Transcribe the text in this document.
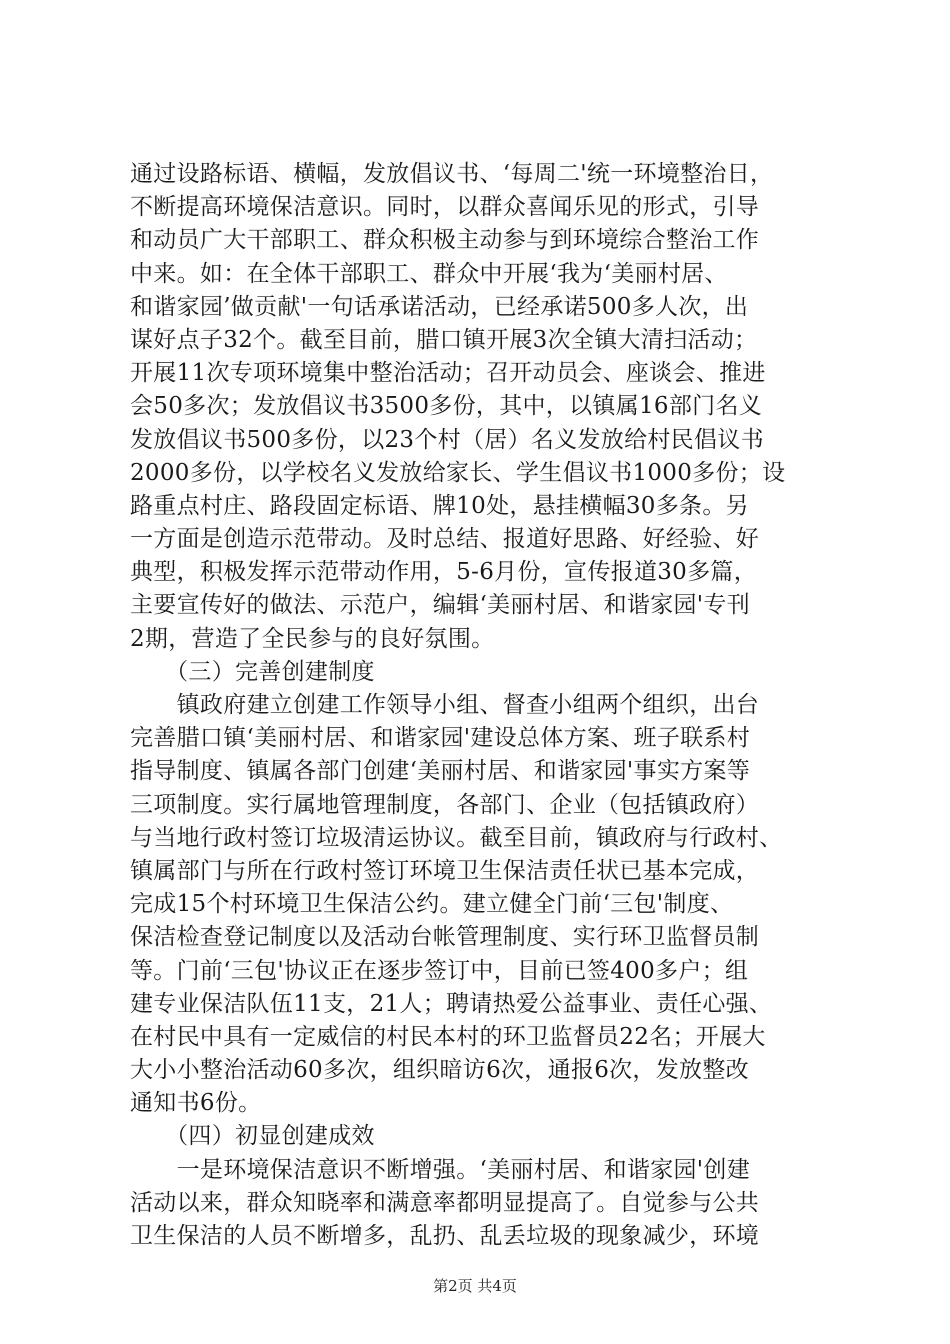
通过设路标语、横幅，发放倡议书、‘每周二'统一环境整治日，
不断提高环境保洁意识。同时，以群众喜闻乐见的形式，引导
和动员广大干部职工、群众积极主动参与到环境综合整治工作
中来。如：在全体干部职工、群众中开展‘我为‘美丽村居、
和谐家园’做贡献'一句话承诺活动，已经承诺500多人次，出
谋好点子32个。截至目前，腊口镇开展3次全镇大清扫活动；
开展11次专项环境集中整治活动；召开动员会、座谈会、推进
会50多次；发放倡议书3500多份，其中，以镇属16部门名义
发放倡议书500多份，以23个村（居）名义发放给村民倡议书
2000多份，以学校名义发放给家长、学生倡议书1000多份；设
路重点村庄、路段固定标语、牌10处，悬挂横幅30多条。另
一方面是创造示范带动。及时总结、报道好思路、好经验、好
典型，积极发挥示范带动作用，5-6月份，宣传报道30多篇，
主要宣传好的做法、示范户，编辑‘美丽村居、和谐家园'专刊
2期，营造了全民参与的良好氛围。
　　（三）完善创建制度
　　镇政府建立创建工作领导小组、督查小组两个组织，出台
完善腊口镇‘美丽村居、和谐家园'建设总体方案、班子联系村
指导制度、镇属各部门创建‘美丽村居、和谐家园'事实方案等
三项制度。实行属地管理制度，各部门、企业（包括镇政府）
与当地行政村签订垃圾清运协议。截至目前，镇政府与行政村、
镇属部门与所在行政村签订环境卫生保洁责任状已基本完成，
完成15个村环境卫生保洁公约。建立健全门前‘三包'制度、
保洁检查登记制度以及活动台帐管理制度、实行环卫监督员制
等。门前‘三包'协议正在逐步签订中，目前已签400多户；组
建专业保洁队伍11支，21人；聘请热爱公益事业、责任心强、
在村民中具有一定威信的村民本村的环卫监督员22名；开展大
大小小整治活动60多次，组织暗访6次，通报6次，发放整改
通知书6份。
　　（四）初显创建成效
　　一是环境保洁意识不断增强。‘美丽村居、和谐家园'创建
活动以来，群众知晓率和满意率都明显提高了。自觉参与公共
卫生保洁的人员不断增多，乱扔、乱丢垃圾的现象减少，环境
第2页 共4页
